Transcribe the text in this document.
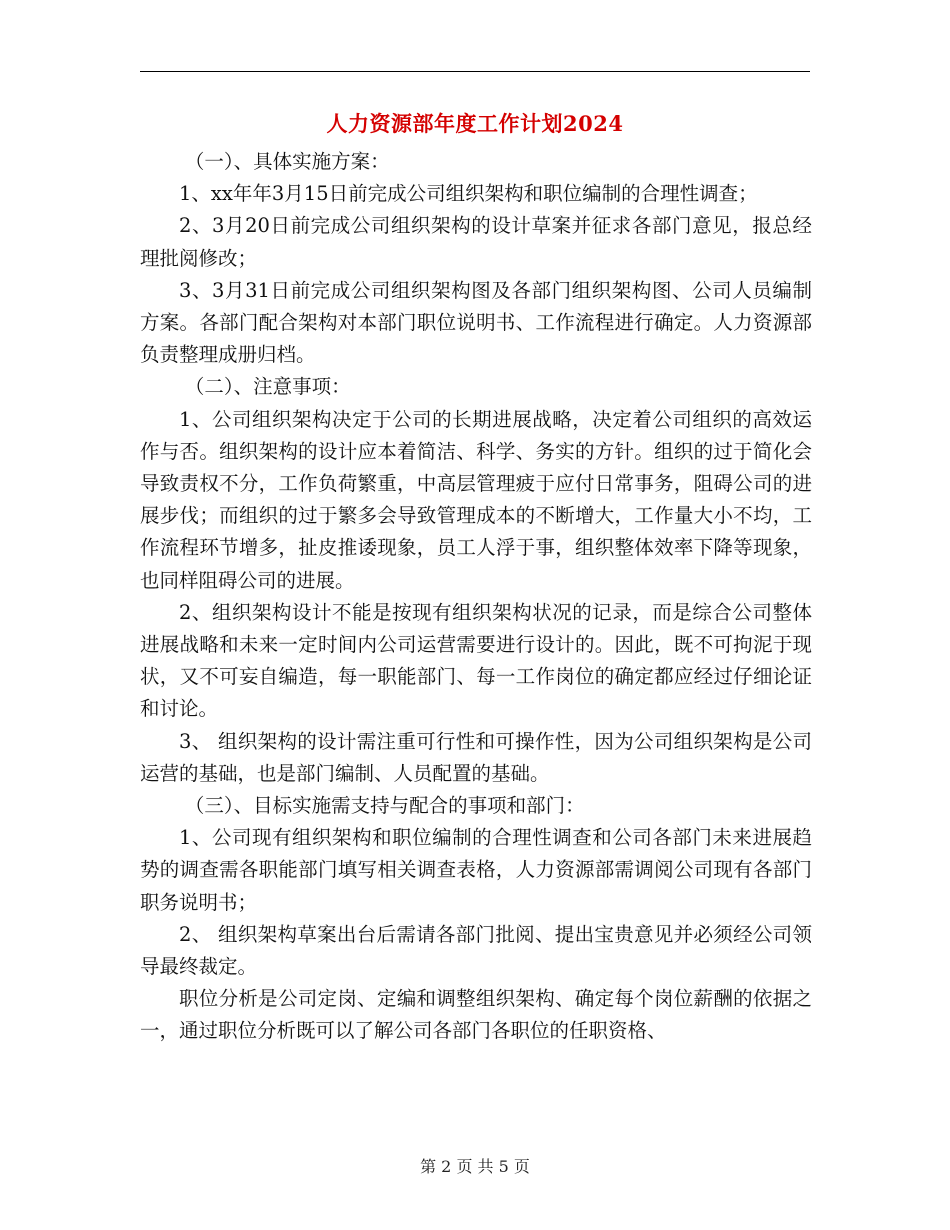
人力资源部年度工作计划2024

（一）、具体实施方案：

1、xx年年3月15日前完成公司组织架构和职位编制的合理性调查；

2、3月20日前完成公司组织架构的设计草案并征求各部门意见，报总经理批阅修改；

3、3月31日前完成公司组织架构图及各部门组织架构图、公司人员编制方案。各部门配合架构对本部门职位说明书、工作流程进行确定。人力资源部负责整理成册归档。

（二）、注意事项：

1、公司组织架构决定于公司的长期进展战略，决定着公司组织的高效运作与否。组织架构的设计应本着简洁、科学、务实的方针。组织的过于简化会导致责权不分，工作负荷繁重，中高层管理疲于应付日常事务，阻碍公司的进展步伐；而组织的过于繁多会导致管理成本的不断增大，工作量大小不均，工作流程环节增多，扯皮推诿现象，员工人浮于事，组织整体效率下降等现象，也同样阻碍公司的进展。

2、组织架构设计不能是按现有组织架构状况的记录，而是综合公司整体进展战略和未来一定时间内公司运营需要进行设计的。因此，既不可拘泥于现状，又不可妄自编造，每一职能部门、每一工作岗位的确定都应经过仔细论证和讨论。

3、 组织架构的设计需注重可行性和可操作性，因为公司组织架构是公司运营的基础，也是部门编制、人员配置的基础。

（三）、目标实施需支持与配合的事项和部门：

1、公司现有组织架构和职位编制的合理性调查和公司各部门未来进展趋势的调查需各职能部门填写相关调查表格，人力资源部需调阅公司现有各部门职务说明书；

2、 组织架构草案出台后需请各部门批阅、提出宝贵意见并必须经公司领导最终裁定。

职位分析是公司定岗、定编和调整组织架构、确定每个岗位薪酬的依据之一，通过职位分析既可以了解公司各部门各职位的任职资格、

第 2 页 共 5 页
